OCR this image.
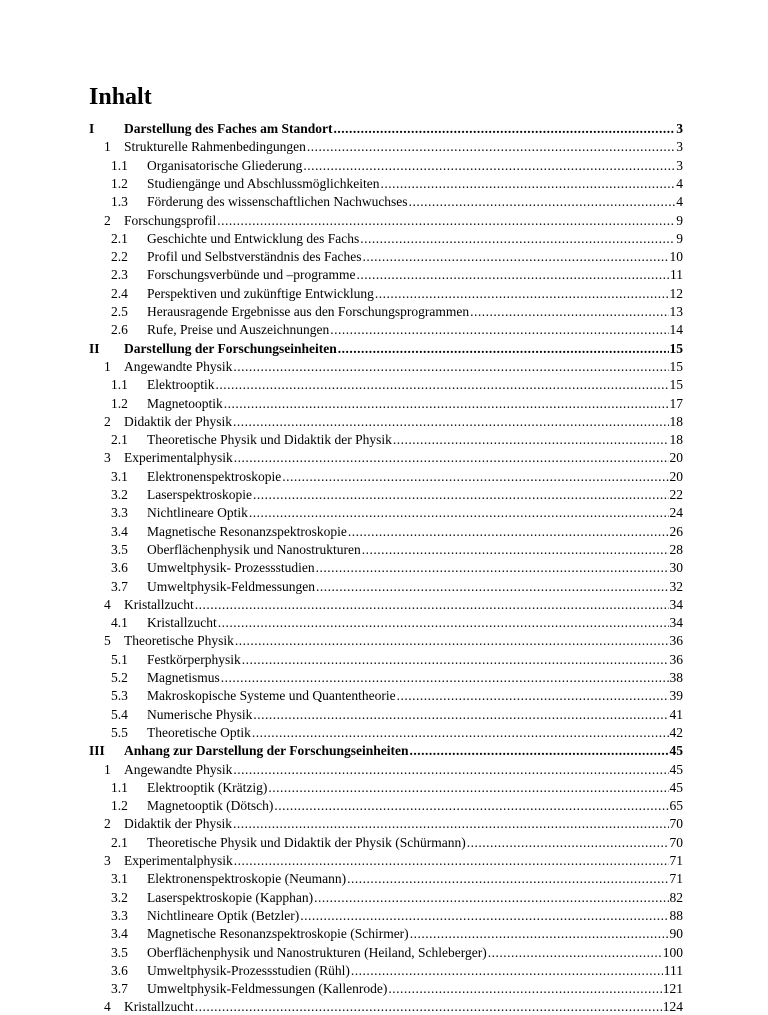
Inhalt
I	Darstellung des Faches am Standort .....	3
1 Strukturelle Rahmenbedingungen .....	3
1.1	Organisatorische Gliederung .....	3
1.2	Studiengänge und Abschlussmöglichkeiten .....	4
1.3	Förderung des wissenschaftlichen Nachwuchses .....	4
2 Forschungsprofil .....	9
2.1	Geschichte und Entwicklung des Fachs .....	9
2.2	Profil und Selbstverständnis des Faches .....	10
2.3	Forschungsverbünde und –programme .....	11
2.4	Perspektiven und zukünftige Entwicklung .....	12
2.5	Herausragende Ergebnisse aus den Forschungsprogrammen .....	13
2.6	Rufe, Preise und Auszeichnungen .....	14
II	Darstellung der Forschungseinheiten .....	15
1 Angewandte Physik .....	15
1.1	Elektrooptik .....	15
1.2	Magnetooptik .....	17
2 Didaktik der Physik .....	18
2.1	Theoretische Physik und Didaktik der Physik .....	18
3 Experimentalphysik .....	20
3.1	Elektronenspektroskopie .....	20
3.2	Laserspektroskopie .....	22
3.3	Nichtlineare Optik .....	24
3.4	Magnetische Resonanzspektroskopie .....	26
3.5	Oberflächenphysik und Nanostrukturen .....	28
3.6	Umweltphysik- Prozessstudien .....	30
3.7	Umweltphysik-Feldmessungen .....	32
4 Kristallzucht .....	34
4.1	Kristallzucht .....	34
5 Theoretische Physik .....	36
5.1	Festkörperphysik .....	36
5.2	Magnetismus .....	38
5.3	Makroskopische Systeme und Quantentheorie .....	39
5.4	Numerische Physik .....	41
5.5	Theoretische Optik .....	42
III	Anhang zur Darstellung der Forschungseinheiten .....	45
1 Angewandte Physik .....	45
1.1	Elektrooptik (Krätzig) .....	45
1.2	Magnetooptik (Dötsch) .....	65
2 Didaktik der Physik .....	70
2.1	Theoretische Physik und Didaktik der Physik (Schürmann) .....	70
3 Experimentalphysik .....	71
3.1	Elektronenspektroskopie (Neumann) .....	71
3.2	Laserspektroskopie (Kapphan) .....	82
3.3	Nichtlineare Optik (Betzler) .....	88
3.4	Magnetische Resonanzspektroskopie (Schirmer) .....	90
3.5	Oberflächenphysik und Nanostrukturen (Heiland, Schleberger) .....	100
3.6	Umweltphysik-Prozessstudien (Rühl) .....	111
3.7	Umweltphysik-Feldmessungen (Kallenrode) .....	121
4 Kristallzucht .....	124
